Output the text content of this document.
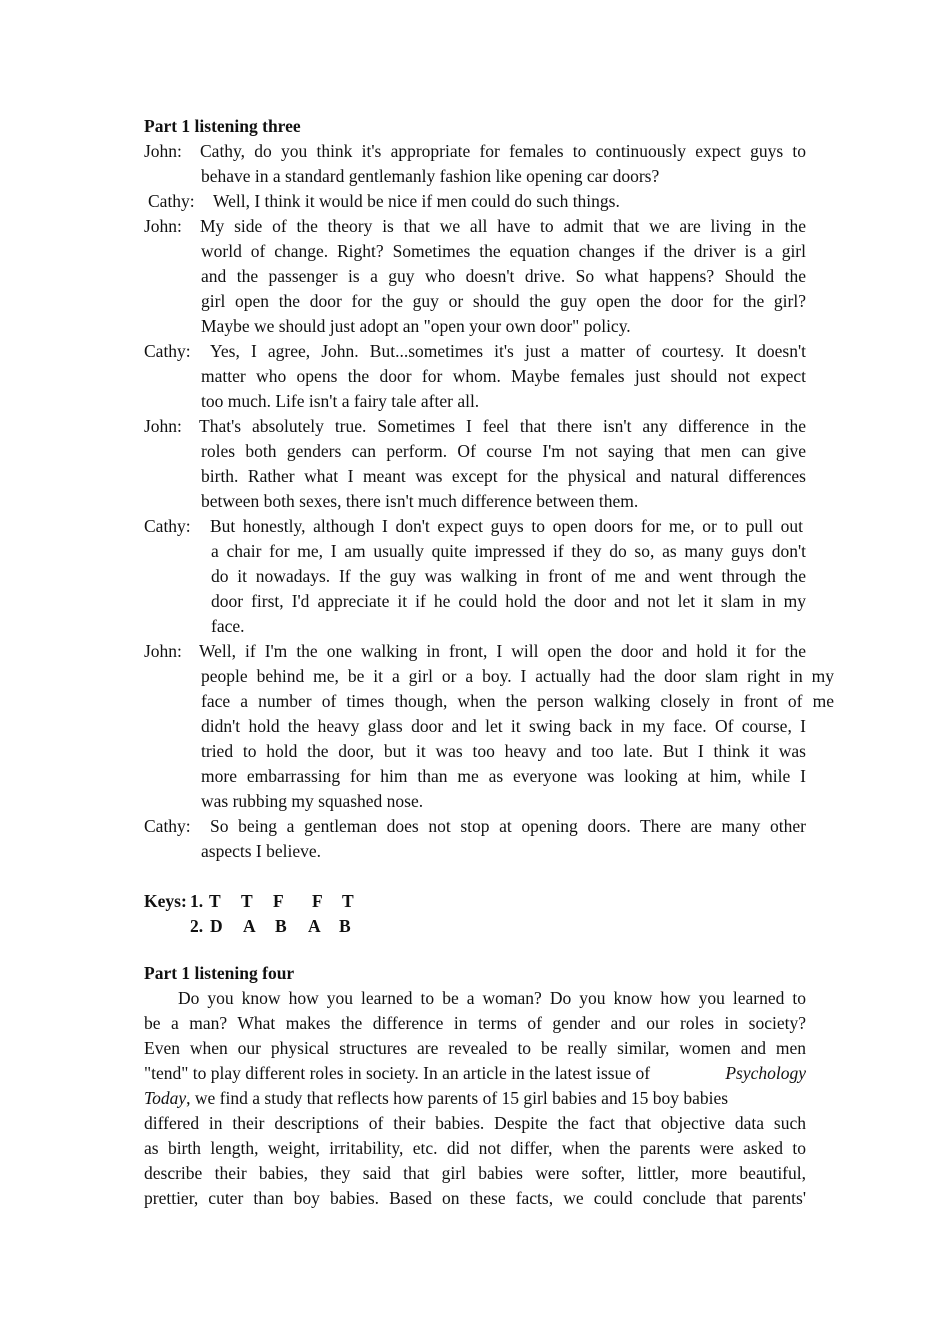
Part 1 listening three
John: Cathy, do you think it's appropriate for females to continuously expect guys to
behave in a standard gentlemanly fashion like opening car doors?
Cathy: Well, I think it would be nice if men could do such things.
John: My side of the theory is that we all have to admit that we are living in the
world of change. Right? Sometimes the equation changes if the driver is a girl
and the passenger is a guy who doesn't drive. So what happens? Should the
girl open the door for the guy or should the guy open the door for the girl?
Maybe we should just adopt an "open your own door" policy.
Cathy: Yes, I agree, John. But...sometimes it's just a matter of courtesy. It doesn't
matter who opens the door for whom. Maybe females just should not expect
too much. Life isn't a fairy tale after all.
John: That's absolutely true. Sometimes I feel that there isn't any difference in the
roles both genders can perform. Of course I'm not saying that men can give
birth. Rather what I meant was except for the physical and natural differences
between both sexes, there isn't much difference between them.
Cathy: But honestly, although I don't expect guys to open doors for me, or to pull out
a chair for me, I am usually quite impressed if they do so, as many guys don't
do it nowadays. If the guy was walking in front of me and went through the
door first, I'd appreciate it if he could hold the door and not let it slam in my
face.
John: Well, if I'm the one walking in front, I will open the door and hold it for the
people behind me, be it a girl or a boy. I actually had the door slam right in my
face a number of times though, when the person walking closely in front of me
didn't hold the heavy glass door and let it swing back in my face. Of course, I
tried to hold the door, but it was too heavy and too late. But I think it was
more embarrassing for him than me as everyone was looking at him, while I
was rubbing my squashed nose.
Cathy: So being a gentleman does not stop at opening doors. There are many other
aspects I believe.
Keys: 1. T T F F T
2. D A B A B
Part 1 listening four
Do you know how you learned to be a woman? Do you know how you learned to
be a man? What makes the difference in terms of gender and our roles in society?
Even when our physical structures are revealed to be really similar, women and men
"tend" to play different roles in society. In an article in the latest issue of	Psychology
Today, we find a study that reflects how parents of 15 girl babies and 15 boy babies
differed in their descriptions of their babies. Despite the fact that objective data such
as birth length, weight, irritability, etc. did not differ, when the parents were asked to
describe their babies, they said that girl babies were softer, littler, more beautiful,
prettier, cuter than boy babies. Based on these facts, we could conclude that parents'
